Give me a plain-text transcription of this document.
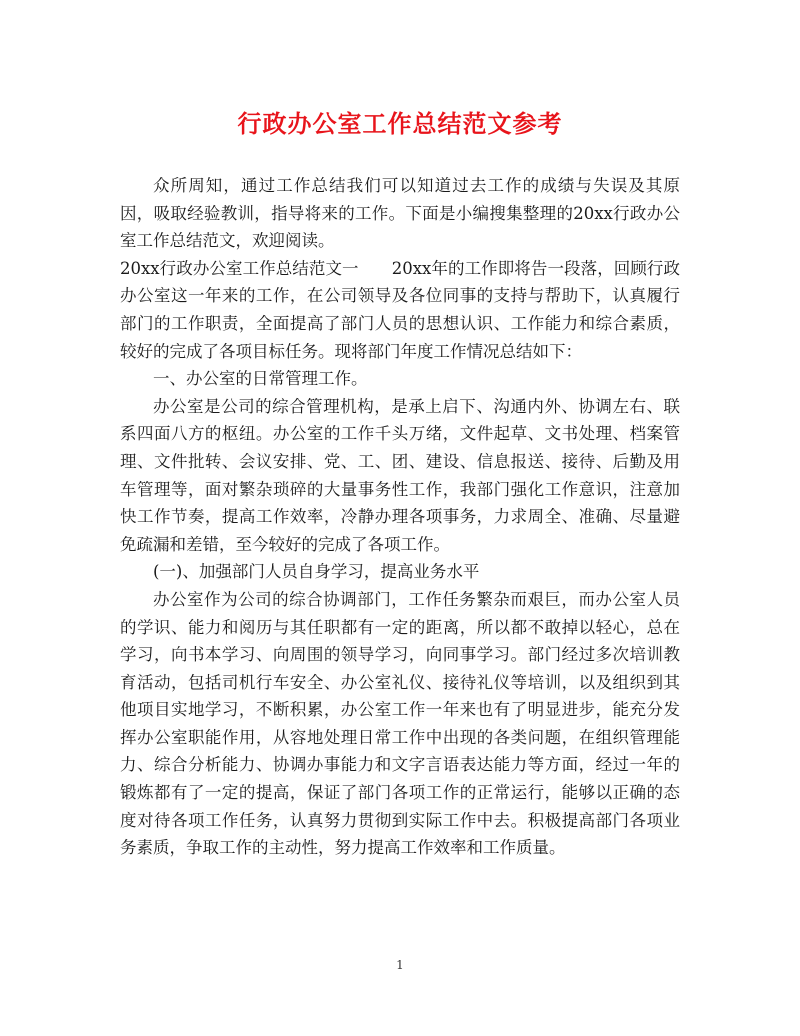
行政办公室工作总结范文参考

众所周知，通过工作总结我们可以知道过去工作的成绩与失误及其原因，吸取经验教训，指导将来的工作。下面是小编搜集整理的20xx行政办公室工作总结范文，欢迎阅读。

20xx行政办公室工作总结范文一　　20xx年的工作即将告一段落，回顾行政办公室这一年来的工作，在公司领导及各位同事的支持与帮助下，认真履行部门的工作职责，全面提高了部门人员的思想认识、工作能力和综合素质，较好的完成了各项目标任务。现将部门年度工作情况总结如下：

一、办公室的日常管理工作。

办公室是公司的综合管理机构，是承上启下、沟通内外、协调左右、联系四面八方的枢纽。办公室的工作千头万绪，文件起草、文书处理、档案管理、文件批转、会议安排、党、工、团、建设、信息报送、接待、后勤及用车管理等，面对繁杂琐碎的大量事务性工作，我部门强化工作意识，注意加快工作节奏，提高工作效率，冷静办理各项事务，力求周全、准确、尽量避免疏漏和差错，至今较好的完成了各项工作。

(一)、加强部门人员自身学习，提高业务水平

办公室作为公司的综合协调部门，工作任务繁杂而艰巨，而办公室人员的学识、能力和阅历与其任职都有一定的距离，所以都不敢掉以轻心，总在学习，向书本学习、向周围的领导学习，向同事学习。部门经过多次培训教育活动，包括司机行车安全、办公室礼仪、接待礼仪等培训，以及组织到其他项目实地学习，不断积累，办公室工作一年来也有了明显进步，能充分发挥办公室职能作用，从容地处理日常工作中出现的各类问题，在组织管理能力、综合分析能力、协调办事能力和文字言语表达能力等方面，经过一年的锻炼都有了一定的提高，保证了部门各项工作的正常运行，能够以正确的态度对待各项工作任务，认真努力贯彻到实际工作中去。积极提高部门各项业务素质，争取工作的主动性，努力提高工作效率和工作质量。

1
